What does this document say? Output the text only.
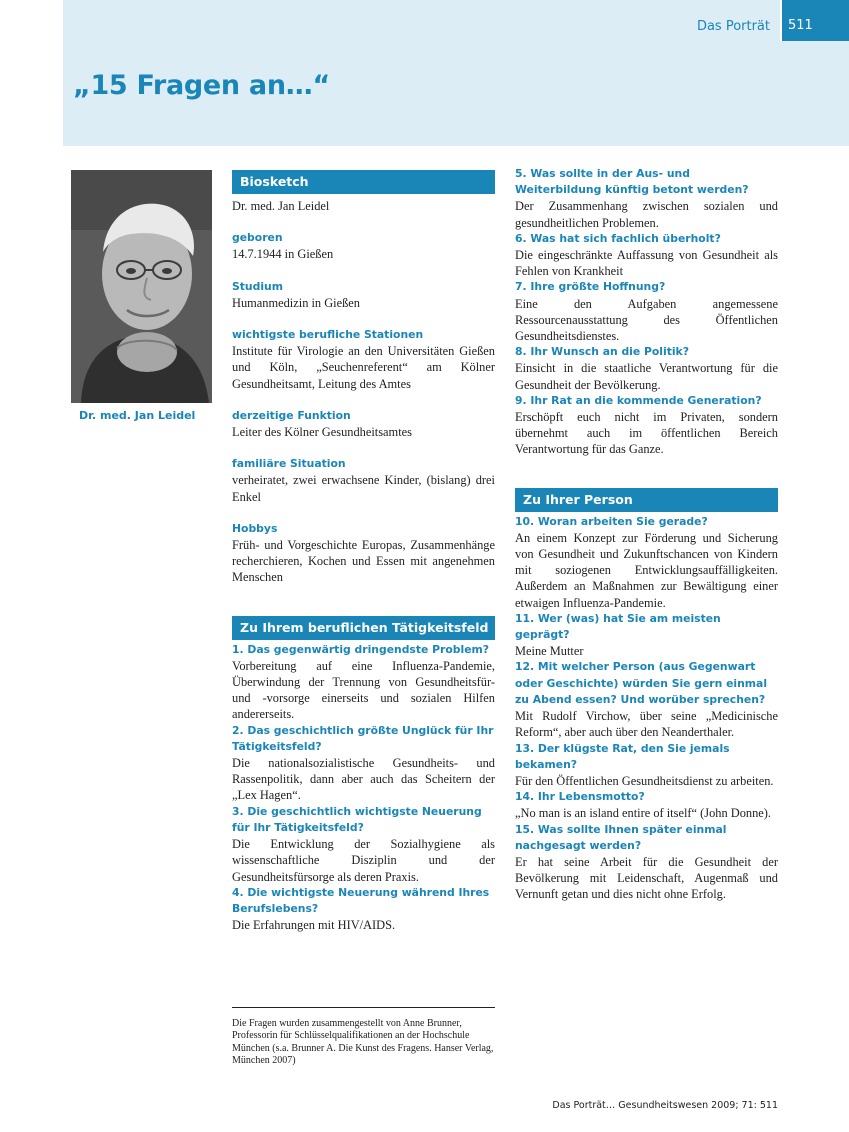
Das Porträt 511
„15 Fragen an…“
Dr. med. Jan Leidel
Biosketch
Dr. med. Jan Leidel
geboren
14.7.1944 in Gießen
Studium
Humanmedizin in Gießen
wichtigste berufliche Stationen
Institute für Virologie an den Universitäten Gießen und Köln, „Seuchenreferent“ am Kölner Gesundheitsamt, Leitung des Amtes
derzeitige Funktion
Leiter des Kölner Gesundheitsamtes
familiäre Situation
verheiratet, zwei erwachsene Kinder, (bislang) drei Enkel
Hobbys
Früh- und Vorgeschichte Europas, Zusammenhänge recherchieren, Kochen und Essen mit angenehmen Menschen
Zu Ihrem beruflichen Tätigkeitsfeld
1. Das gegenwärtig dringendste Problem?
Vorbereitung auf eine Influenza-Pandemie, Überwindung der Trennung von Gesundheitsfür- und -vorsorge einerseits und sozialen Hilfen andererseits.
2. Das geschichtlich größte Unglück für Ihr Tätigkeitsfeld?
Die nationalsozialistische Gesundheits- und Rassenpolitik, dann aber auch das Scheitern der „Lex Hagen“.
3. Die geschichtlich wichtigste Neuerung für Ihr Tätigkeitsfeld?
Die Entwicklung der Sozialhygiene als wissenschaftliche Disziplin und der Gesundheitsfürsorge als deren Praxis.
4. Die wichtigste Neuerung während Ihres Berufslebens?
Die Erfahrungen mit HIV/AIDS.
5. Was sollte in der Aus- und Weiterbildung künftig betont werden?
Der Zusammenhang zwischen sozialen und gesundheitlichen Problemen.
6. Was hat sich fachlich überholt?
Die eingeschränkte Auffassung von Gesundheit als Fehlen von Krankheit
7. Ihre größte Hoffnung?
Eine den Aufgaben angemessene Ressourcenausstattung des Öffentlichen Gesundheitsdienstes.
8. Ihr Wunsch an die Politik?
Einsicht in die staatliche Verantwortung für die Gesundheit der Bevölkerung.
9. Ihr Rat an die kommende Generation?
Erschöpft euch nicht im Privaten, sondern übernehmt auch im öffentlichen Bereich Verantwortung für das Ganze.
Zu Ihrer Person
10. Woran arbeiten Sie gerade?
An einem Konzept zur Förderung und Sicherung von Gesundheit und Zukunftschancen von Kindern mit soziogenen Entwicklungsauffälligkeiten. Außerdem an Maßnahmen zur Bewältigung einer etwaigen Influenza-Pandemie.
11. Wer (was) hat Sie am meisten geprägt?
Meine Mutter
12. Mit welcher Person (aus Gegenwart oder Geschichte) würden Sie gern einmal zu Abend essen? Und worüber sprechen?
Mit Rudolf Virchow, über seine „Medicinische Reform“, aber auch über den Neanderthaler.
13. Der klügste Rat, den Sie jemals bekamen?
Für den Öffentlichen Gesundheitsdienst zu arbeiten.
14. Ihr Lebensmotto?
„No man is an island entire of itself“ (John Donne).
15. Was sollte Ihnen später einmal nachgesagt werden?
Er hat seine Arbeit für die Gesundheit der Bevölkerung mit Leidenschaft, Augenmaß und Vernunft getan und dies nicht ohne Erfolg.
Die Fragen wurden zusammengestellt von Anne Brunner, Professorin für Schlüsselqualifikationen an der Hochschule München (s.a. Brunner A. Die Kunst des Fragens. Hanser Verlag, München 2007)
Das Porträt… Gesundheitswesen 2009; 71: 511
